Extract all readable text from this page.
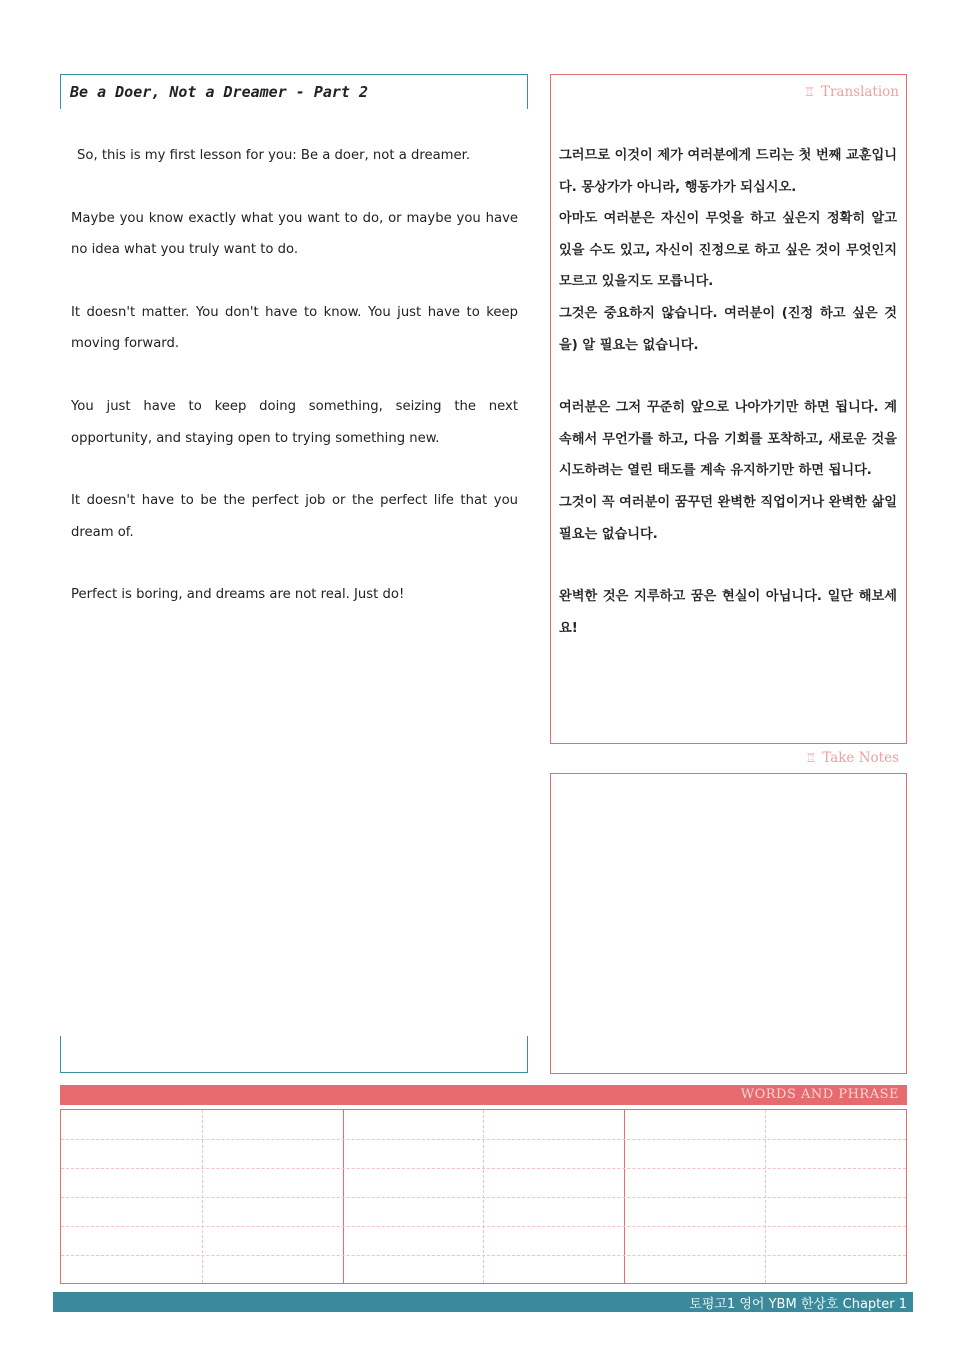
Be a Doer, Not a Dreamer - Part 2

So, this is my first lesson for you: Be a doer, not a dreamer.

Maybe you know exactly what you want to do, or maybe you have no idea what you truly want to do.

It doesn't matter. You don't have to know. You just have to keep moving forward.

You just have to keep doing something, seizing the next opportunity, and staying open to trying something new.

It doesn't have to be the perfect job or the perfect life that you dream of.

Perfect is boring, and dreams are not real. Just do!

♖ Translation

그러므로 이것이 제가 여러분에게 드리는 첫 번째 교훈입니다. 몽상가가 아니라, 행동가가 되십시오.
아마도 여러분은 자신이 무엇을 하고 싶은지 정확히 알고 있을 수도 있고, 자신이 진정으로 하고 싶은 것이 무엇인지 모르고 있을지도 모릅니다.
그것은 중요하지 않습니다. 여러분이 (진정 하고 싶은 것을) 알 필요는 없습니다.

여러분은 그저 꾸준히 앞으로 나아가기만 하면 됩니다. 계속해서 무언가를 하고, 다음 기회를 포착하고, 새로운 것을 시도하려는 열린 태도를 계속 유지하기만 하면 됩니다.
그것이 꼭 여러분이 꿈꾸던 완벽한 직업이거나 완벽한 삶일 필요는 없습니다.

완벽한 것은 지루하고 꿈은 현실이 아닙니다. 일단 해보세요!

♖ Take Notes
WORDS AND PHRASE
토평고1 영어 YBM 한상호 Chapter 1
